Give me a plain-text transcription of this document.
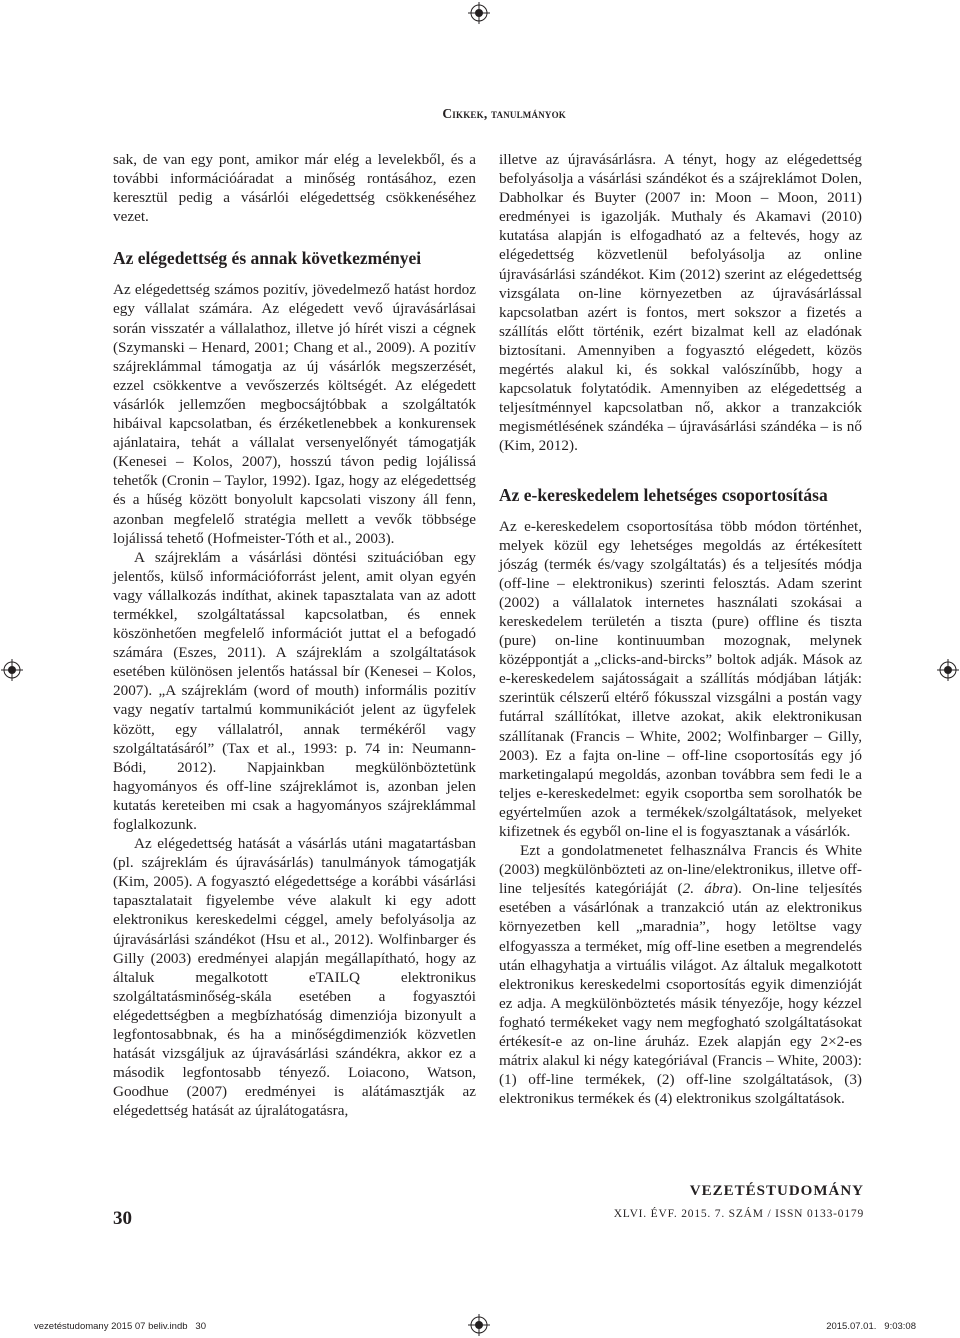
Cikkek, tanulmányok

sak, de van egy pont, amikor már elég a levelekből, és a további információáradat a minőség rontásához, ezen keresztül pedig a vásárlói elégedettség csökkenéséhez vezet.

Az elégedettség és annak következményei

Az elégedettség számos pozitív, jövedelmező hatást hordoz egy vállalat számára. Az elégedett vevő újravásárlásai során visszatér a vállalathoz, illetve jó hírét viszi a cégnek (Szymanski – Henard, 2001; Chang et al., 2009). A pozitív szájreklámmal támogatja az új vásárlók megszerzését, ezzel csökkentve a vevőszerzés költségét. Az elégedett vásárlók jellemzően megbocsájtóbbak a szolgáltatók hibáival kapcsolatban, és érzéketlenebbek a konkurensek ajánlataira, tehát a vállalat versenyelőnyét támogatják (Kenesei – Kolos, 2007), hosszú távon pedig lojálissá tehetők (Cronin – Taylor, 1992). Igaz, hogy az elégedettség és a hűség között bonyolult kapcsolati viszony áll fenn, azonban megfelelő stratégia mellett a vevők többsége lojálissá tehető (Hofmeister-Tóth et al., 2003).

A szájreklám a vásárlási döntési szituációban egy jelentős, külső információforrást jelent, amit olyan egyén vagy vállalkozás indíthat, akinek tapasztalata van az adott termékkel, szolgáltatással kapcsolatban, és ennek köszönhetően megfelelő információt juttat el a befogadó számára (Eszes, 2011). A szájreklám a szolgáltatások esetében különösen jelentős hatással bír (Kenesei – Kolos, 2007). „A szájreklám (word of mouth) informális pozitív vagy negatív tartalmú kommunikációt jelent az ügyfelek között, egy vállalatról, annak termékéről vagy szolgáltatásáról” (Tax et al., 1993: p. 74 in: Neumann-Bódi, 2012). Napjainkban megkülönböztetünk hagyományos és off-line szájreklámot is, azonban jelen kutatás kereteiben mi csak a hagyományos szájreklámmal foglalkozunk.

Az elégedettség hatását a vásárlás utáni magatartásban (pl. szájreklám és újravásárlás) tanulmányok támogatják (Kim, 2005). A fogyasztó elégedettsége a korábbi vásárlási tapasztalatait figyelembe véve alakult ki egy adott elektronikus kereskedelmi céggel, amely befolyásolja az újravásárlási szándékot (Hsu et al., 2012). Wolfinbarger és Gilly (2003) eredményei alapján megállapítható, hogy az általuk megalkotott eTAILQ elektronikus szolgáltatásminőség-skála esetében a fogyasztói elégedettségben a megbízhatóság dimenziója bizonyult a legfontosabbnak, és ha a minőségdimenziók közvetlen hatását vizsgáljuk az újravásárlási szándékra, akkor ez a második legfontosabb tényező. Loiacono, Watson, Goodhue (2007) eredményei is alátámasztják az elégedettség hatását az újralátogatásra,

illetve az újravásárlásra. A tényt, hogy az elégedettség befolyásolja a vásárlási szándékot és a szájreklámot Dolen, Dabholkar és Buyter (2007 in: Moon – Moon, 2011) eredményei is igazolják. Muthaly és Akamavi (2010) kutatása alapján is elfogadható az a feltevés, hogy az elégedettség közvetlenül befolyásolja az online újravásárlási szándékot. Kim (2012) szerint az elégedettség vizsgálata on-line környezetben az újravásárlással kapcsolatban azért is fontos, mert sokszor a fizetés a szállítás előtt történik, ezért bizalmat kell az eladónak biztosítani. Amennyiben a fogyasztó elégedett, közös megértés alakul ki, és sokkal valószínűbb, hogy a kapcsolatuk folytatódik. Amennyiben az elégedettség a teljesítménnyel kapcsolatban nő, akkor a tranzakciók megismétlésének szándéka – újravásárlási szándéka – is nő (Kim, 2012).

Az e-kereskedelem lehetséges csoportosítása

Az e-kereskedelem csoportosítása több módon történhet, melyek közül egy lehetséges megoldás az értékesített jószág (termék és/vagy szolgáltatás) és a teljesítés módja (off-line – elektronikus) szerinti felosztás. Adam szerint (2002) a vállalatok internetes használati szokásai a kereskedelem területén a tiszta (pure) offline és tiszta (pure) on-line kontinuumban mozognak, melynek középpontját a „clicks-and-bircks” boltok adják. Mások az e-kereskedelem sajátosságait a szállítás módjában látják: szerintük célszerű eltérő fókusszal vizsgálni a postán vagy futárral szállítókat, illetve azokat, akik elektronikusan szállítanak (Francis – White, 2002; Wolfinbarger – Gilly, 2003). Ez a fajta on-line – off-line csoportosítás egy jó marketingalapú megoldás, azonban továbbra sem fedi le a teljes e-kereskedelmet: egyik csoportba sem sorolhatók be egyértelműen azok a termékek/szolgáltatások, melyeket kifizetnek és egyből on-line el is fogyasztanak a vásárlók.

Ezt a gondolatmenetet felhasználva Francis és White (2003) megkülönbözteti az on-line/elektronikus, illetve off-line teljesítés kategóriáját (2. ábra). On-line teljesítés esetében a vásárlónak a tranzakció után az elektronikus környezetben kell „maradnia”, hogy letöltse vagy elfogyassza a terméket, míg off-line esetben a megrendelés után elhagyhatja a virtuális világot. Az általuk megalkotott elektronikus kereskedelmi csoportosítás egyik dimenzióját ez adja. A megkülönböztetés másik tényezője, hogy kézzel fogható termékeket vagy nem megfogható szolgáltatásokat értékesít-e az on-line áruház. Ezek alapján egy 2×2-es mátrix alakul ki négy kategóriával (Francis – White, 2003): (1) off-line termékek, (2) off-line szolgáltatások, (3) elektronikus termékek és (4) elektronikus szolgáltatások.

30
VEZETÉSTUDOMÁNY
XLVI. ÉVF. 2015. 7. SZÁM / ISSN 0133-0179
vezetéstudomany 2015 07 beliv.indb   30	2015.07.01.   9:03:08
